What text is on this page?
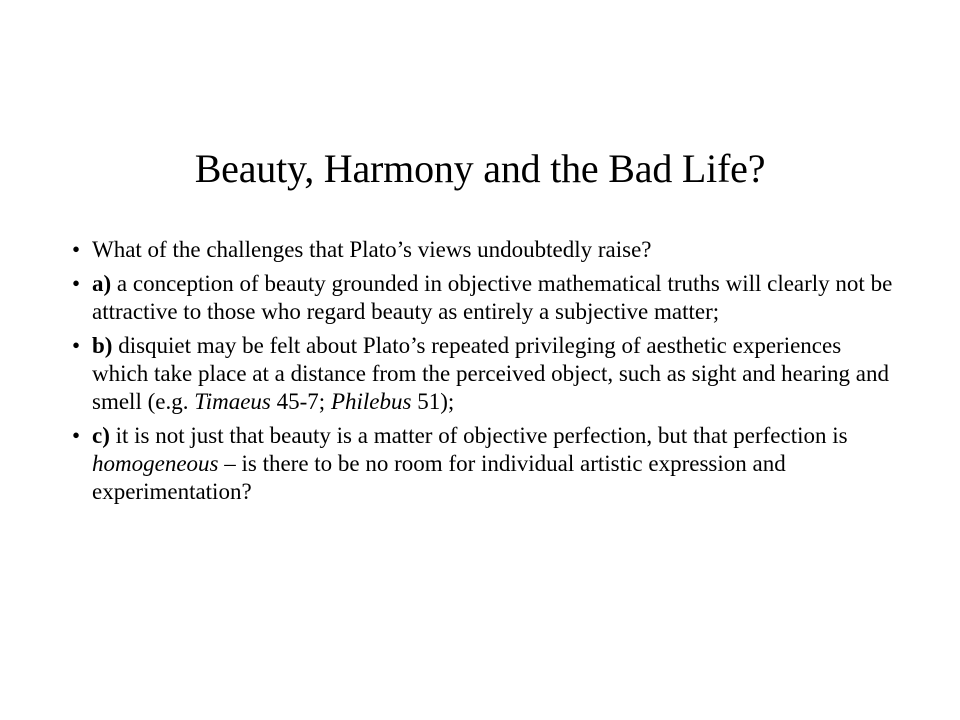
Beauty, Harmony and the Bad Life?
• What of the challenges that Plato’s views undoubtedly raise?
• a) a conception of beauty grounded in objective mathematical truths will clearly not be attractive to those who regard beauty as entirely a subjective matter;
• b) disquiet may be felt about Plato’s repeated privileging of aesthetic experiences which take place at a distance from the perceived object, such as sight and hearing and smell (e.g. Timaeus 45-7; Philebus 51);
• c) it is not just that beauty is a matter of objective perfection, but that perfection is homogeneous – is there to be no room for individual artistic expression and experimentation?
